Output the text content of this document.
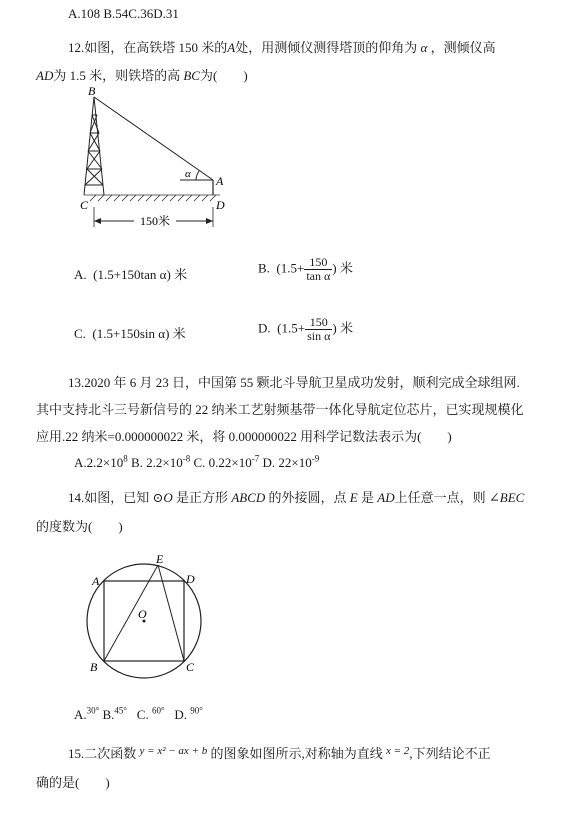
A.108 B.54C.36D.31
12.如图，在高铁塔 150 米的A处，用测倾仪测得塔顶的仰角为 α ，测倾仪高
AD为 1.5 米，则铁塔的高 BC为(　　)
150米
B
C	D
A
α
A. (1.5+150tan α) 米	B. ($1.5+ \frac{150}{\text{tan α}}$ ) 米
C. (1.5+150sin α) 米	D. ($1.5+ \frac{150}{\text{sin α}}$ ) 米
13.2020 年 6 月 23 日，中国第 55 颗北斗导航卫星成功发射，顺利完成全球组网.
其中支持北斗三号新信号的 22 纳米工艺射频基带一体化导航定位芯片，已实现规模化
应用.22 纳米=0.000000022 米，将 0.000000022 用科学记数法表示为(　　)
$A.2.2\times 10^8$ B. $2.2\times 10^{-8}$ C. $0.22\times 10^{-7}$ D. $22\times 10^{-9}$
14.如图，已知 ⊙O 是正方形 ABCD 的外接圆，点 E 是 AD上任意一点，则 ∠BEC
的度数为(　　)
A	D
E
B	C
O
A.$^{30^\circ}$ B.$^{45^\circ}$ C. $^{60^\circ}$ D. $^{90^\circ}$
15.二次函数 $^{y = x^2 - ax + b}$ 的图象如图所示,对称轴为直线 $^{x = 2}$,下列结论不正
确的是(　　)
